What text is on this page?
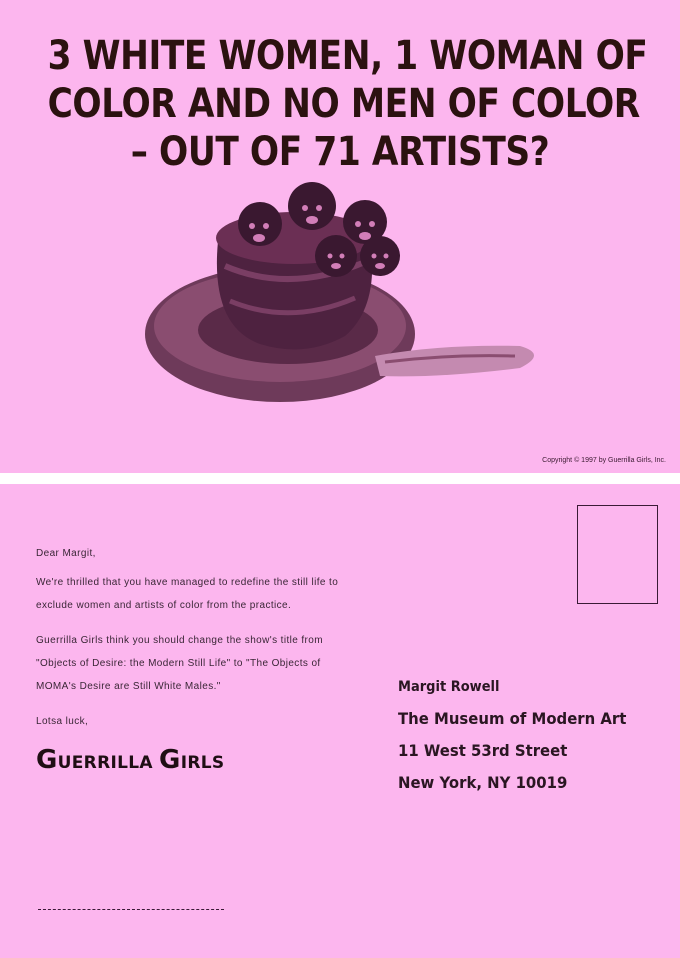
3 WHITE WOMEN, 1 WOMAN OF
COLOR AND NO MEN OF COLOR
– OUT OF 71 ARTISTS?
Copyright © 1997 by Guerrilla Girls, Inc.

Dear Margit,

We're thrilled that you have managed to redefine the still life to exclude women and artists of color from the practice.

Guerrilla Girls think you should change the show's title from "Objects of Desire: the Modern Still Life" to "The Objects of MOMA's Desire are Still White Males."

Lotsa luck,

GUERRILLA GIRLS
Margit Rowell
The Museum of Modern Art
11 West 53rd Street
New York, NY 10019
